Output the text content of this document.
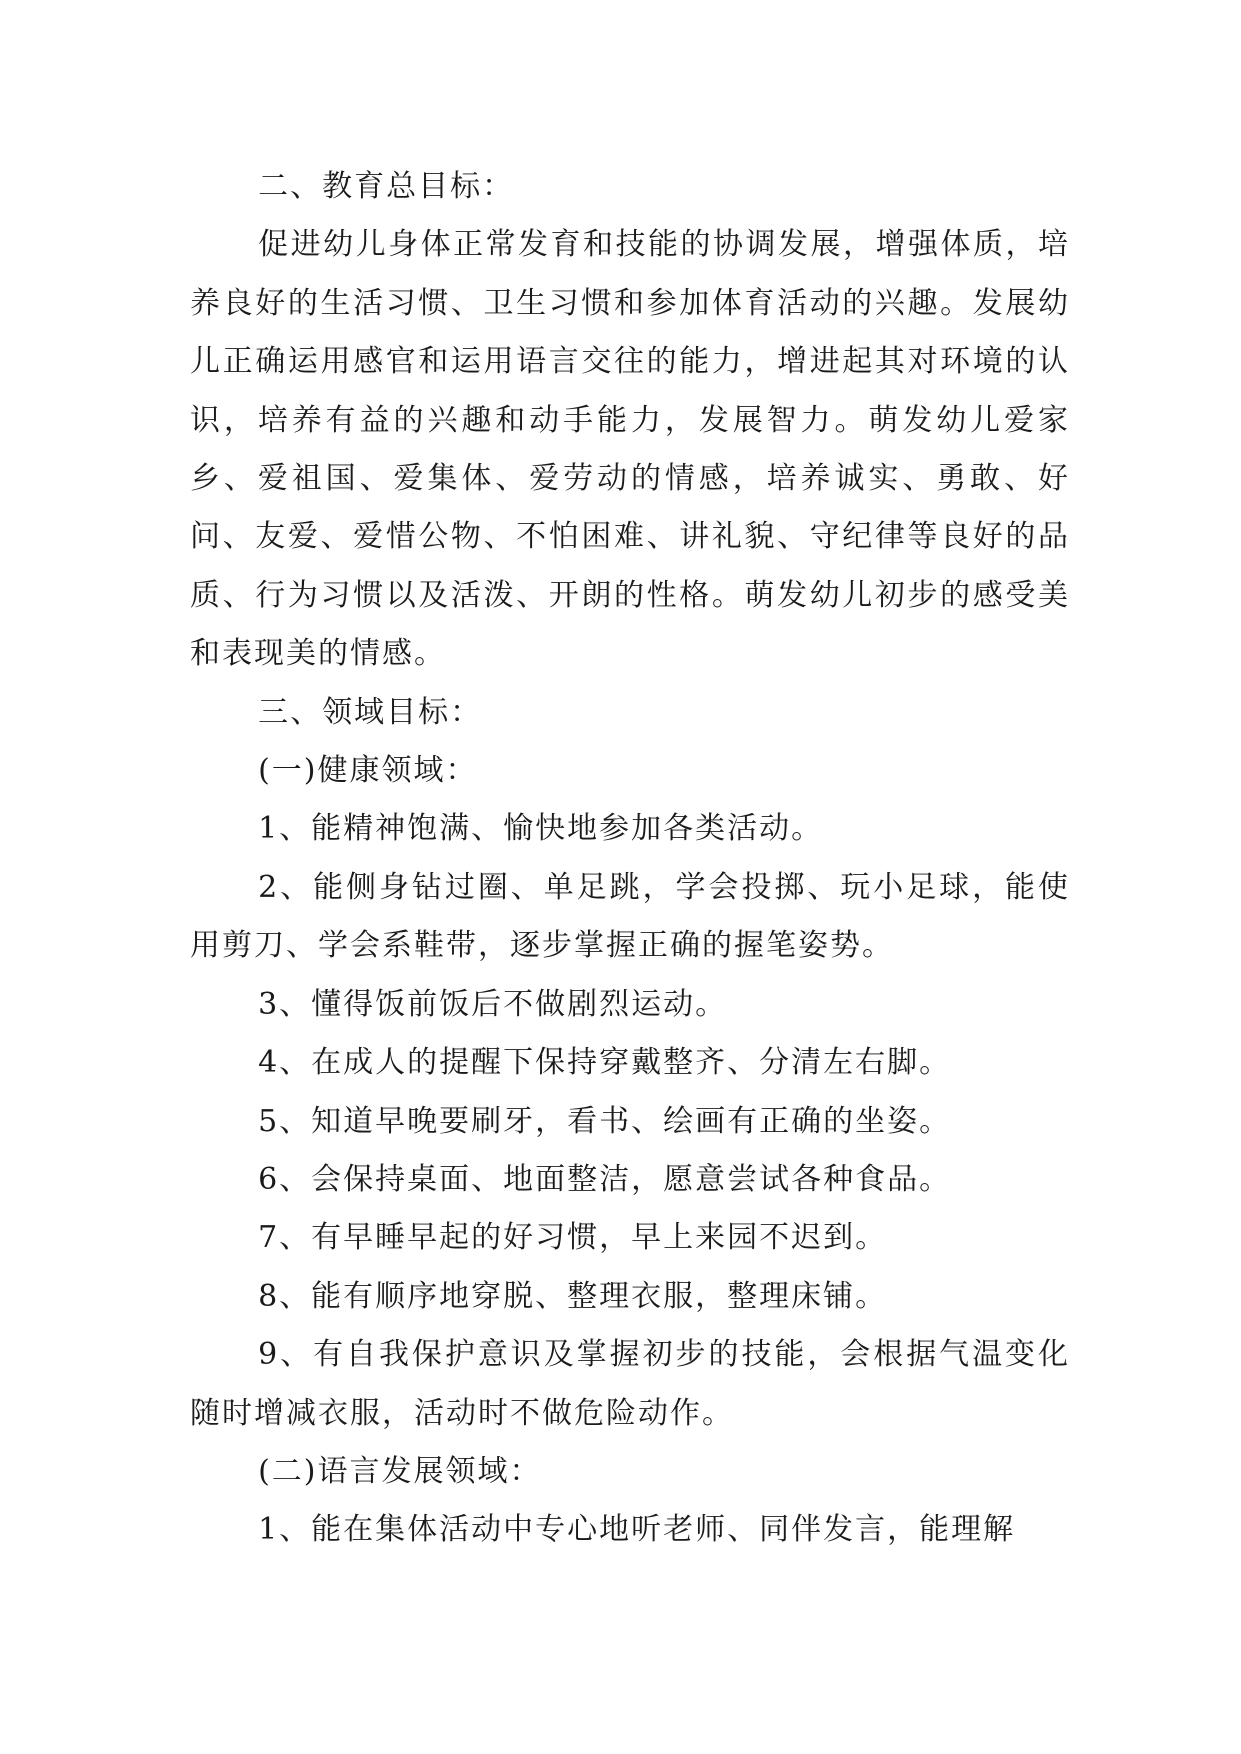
二、教育总目标：

促进幼儿身体正常发育和技能的协调发展，增强体质，培养良好的生活习惯、卫生习惯和参加体育活动的兴趣。发展幼儿正确运用感官和运用语言交往的能力，增进起其对环境的认识，培养有益的兴趣和动手能力，发展智力。萌发幼儿爱家乡、爱祖国、爱集体、爱劳动的情感，培养诚实、勇敢、好问、友爱、爱惜公物、不怕困难、讲礼貌、守纪律等良好的品质、行为习惯以及活泼、开朗的性格。萌发幼儿初步的感受美和表现美的情感。

三、领域目标：

(一)健康领域：

1、能精神饱满、愉快地参加各类活动。

2、能侧身钻过圈、单足跳，学会投掷、玩小足球，能使用剪刀、学会系鞋带，逐步掌握正确的握笔姿势。

3、懂得饭前饭后不做剧烈运动。

4、在成人的提醒下保持穿戴整齐、分清左右脚。

5、知道早晚要刷牙，看书、绘画有正确的坐姿。

6、会保持桌面、地面整洁，愿意尝试各种食品。

7、有早睡早起的好习惯，早上来园不迟到。

8、能有顺序地穿脱、整理衣服，整理床铺。

9、有自我保护意识及掌握初步的技能，会根据气温变化随时增减衣服，活动时不做危险动作。

(二)语言发展领域：

1、能在集体活动中专心地听老师、同伴发言，能理解
